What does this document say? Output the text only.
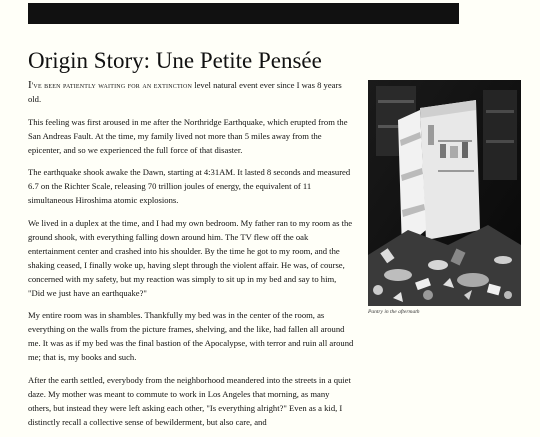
Origin Story: Une Petite Pensée

I've been patiently waiting for an extinction level natural event ever since I was 8 years old.

This feeling was first aroused in me after the Northridge Earthquake, which erupted from the San Andreas Fault. At the time, my family lived not more than 5 miles away from the epicenter, and so we experienced the full force of that disaster.

The earthquake shook awake the Dawn, starting at 4:31AM. It lasted 8 seconds and measured 6.7 on the Richter Scale, releasing 70 trillion joules of energy, the equivalent of 11 simultaneous Hiroshima atomic explosions.

We lived in a duplex at the time, and I had my own bedroom. My father ran to my room as the ground shook, with everything falling down around him. The TV flew off the oak entertainment center and crashed into his shoulder. By the time he got to my room, and the shaking ceased, I finally woke up, having slept through the violent affair. He was, of course, concerned with my safety, but my reaction was simply to sit up in my bed and say to him, "Did we just have an earthquake?"

My entire room was in shambles. Thankfully my bed was in the center of the room, as everything on the walls from the picture frames, shelving, and the like, had fallen all around me. It was as if my bed was the final bastion of the Apocalypse, with terror and ruin all around me; that is, my books and such.

After the earth settled, everybody from the neighborhood meandered into the streets in a quiet daze. My mother was meant to commute to work in Los Angeles that morning, as many others, but instead they were left asking each other, "Is everything alright?" Even as a kid, I distinctly recall a collective sense of bewilderment, but also care, and

Pantry in the aftermath
